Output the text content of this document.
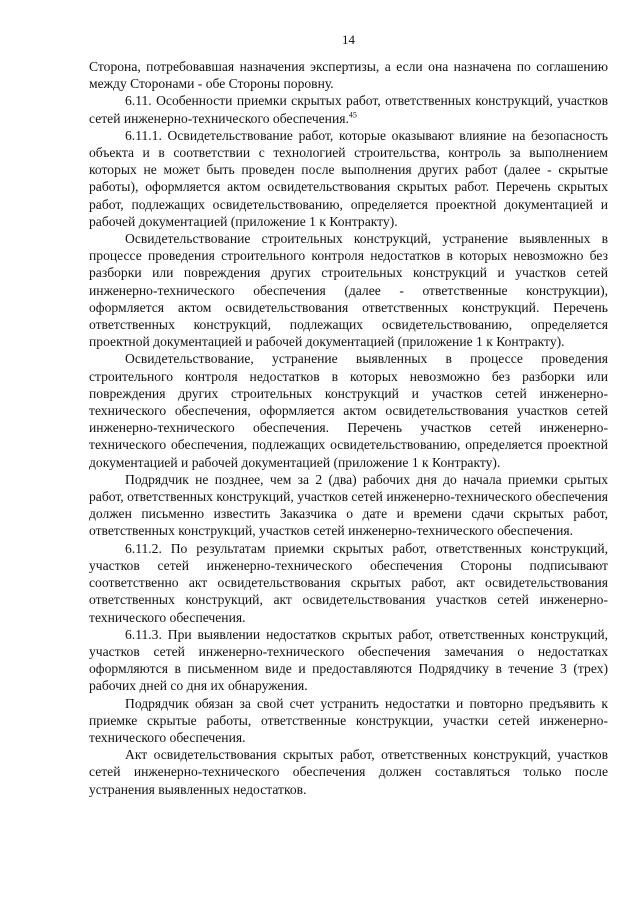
14

Сторона, потребовавшая назначения экспертизы, а если она назначена по соглашению между Сторонами - обе Стороны поровну.

6.11. Особенности приемки скрытых работ, ответственных конструкций, участков сетей инженерно-технического обеспечения.$^{45}$

6.11.1. Освидетельствование работ, которые оказывают влияние на безопасность объекта и в соответствии с технологией строительства, контроль за выполнением которых не может быть проведен после выполнения других работ (далее - скрытые работы), оформляется актом освидетельствования скрытых работ. Перечень скрытых работ, подлежащих освидетельствованию, определяется проектной документацией и рабочей документацией (приложение 1 к Контракту).

Освидетельствование строительных конструкций, устранение выявленных в процессе проведения строительного контроля недостатков в которых невозможно без разборки или повреждения других строительных конструкций и участков сетей инженерно-технического обеспечения (далее - ответственные конструкции), оформляется актом освидетельствования ответственных конструкций. Перечень ответственных конструкций, подлежащих освидетельствованию, определяется проектной документацией и рабочей документацией (приложение 1 к Контракту).

Освидетельствование, устранение выявленных в процессе проведения строительного контроля недостатков в которых невозможно без разборки или повреждения других строительных конструкций и участков сетей инженерно-технического обеспечения, оформляется актом освидетельствования участков сетей инженерно-технического обеспечения. Перечень участков сетей инженерно-технического обеспечения, подлежащих освидетельствованию, определяется проектной документацией и рабочей документацией (приложение 1 к Контракту).

Подрядчик не позднее, чем за 2 (два) рабочих дня до начала приемки срытых работ, ответственных конструкций, участков сетей инженерно-технического обеспечения должен письменно известить Заказчика о дате и времени сдачи скрытых работ, ответственных конструкций, участков сетей инженерно-технического обеспечения.

6.11.2. По результатам приемки скрытых работ, ответственных конструкций, участков сетей инженерно-технического обеспечения Стороны подписывают соответственно акт освидетельствования скрытых работ, акт освидетельствования ответственных конструкций, акт освидетельствования участков сетей инженерно-технического обеспечения.

6.11.3. При выявлении недостатков скрытых работ, ответственных конструкций, участков сетей инженерно-технического обеспечения замечания о недостатках оформляются в письменном виде и предоставляются Подрядчику в течение 3 (трех) рабочих дней со дня их обнаружения.

Подрядчик обязан за свой счет устранить недостатки и повторно предъявить к приемке скрытые работы, ответственные конструкции, участки сетей инженерно-технического обеспечения.

Акт освидетельствования скрытых работ, ответственных конструкций, участков сетей инженерно-технического обеспечения должен составляться только после устранения выявленных недостатков.
